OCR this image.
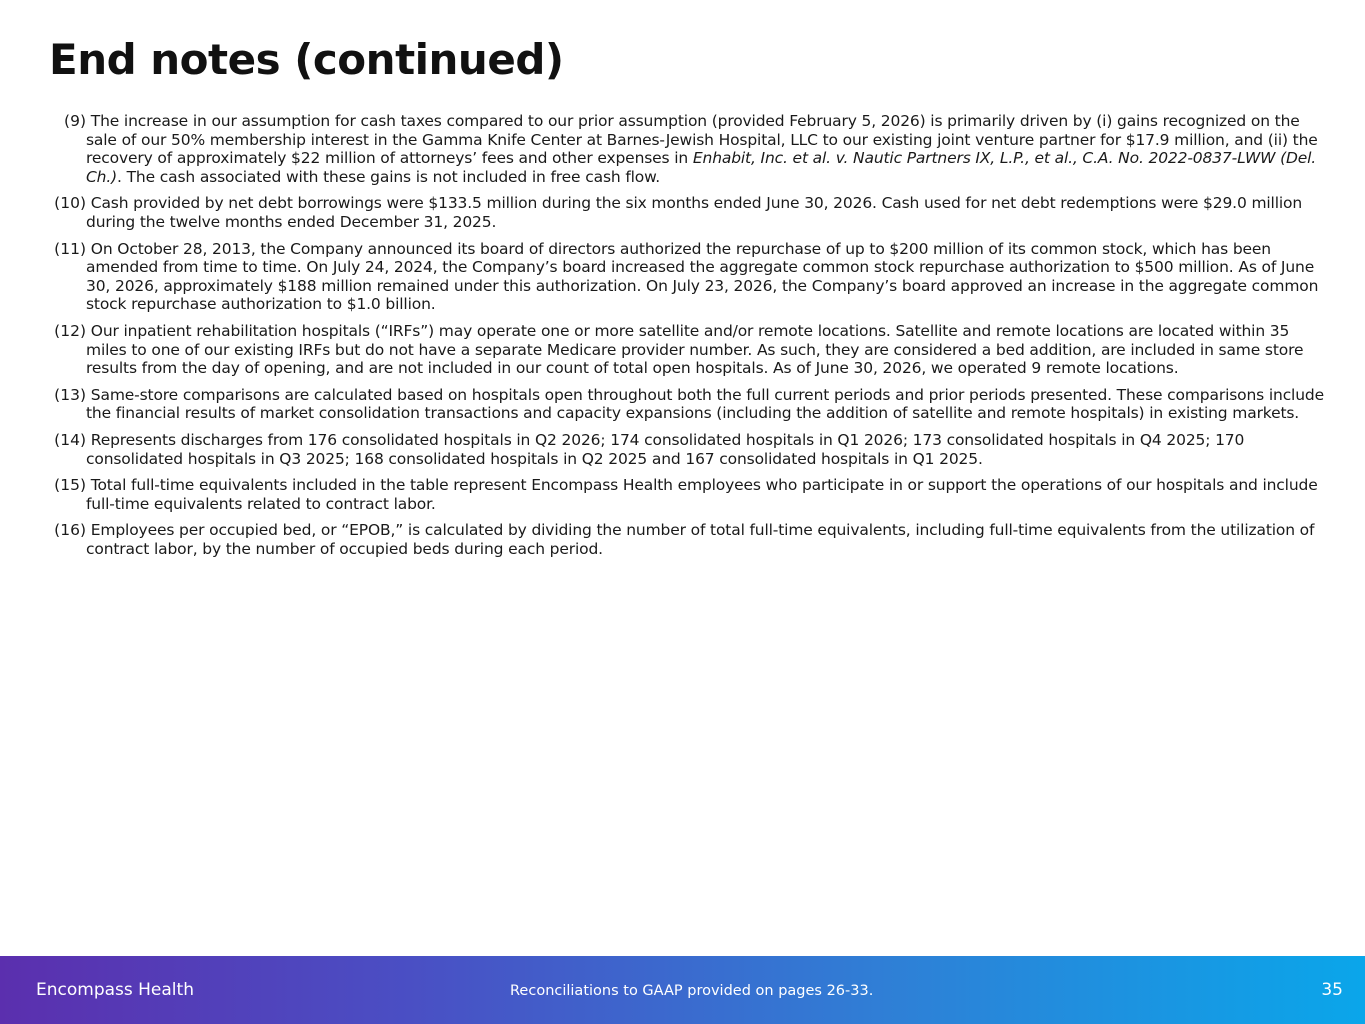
End notes (continued)
(9) The increase in our assumption for cash taxes compared to our prior assumption (provided February 5, 2026) is primarily driven by (i) gains recognized on the sale of our 50% membership interest in the Gamma Knife Center at Barnes-Jewish Hospital, LLC to our existing joint venture partner for $17.9 million, and (ii) the recovery of approximately $22 million of attorneys’ fees and other expenses in Enhabit, Inc. et al. v. Nautic Partners IX, L.P., et al., C.A. No. 2022-0837-LWW (Del. Ch.). The cash associated with these gains is not included in free cash flow.
(10) Cash provided by net debt borrowings were $133.5 million during the six months ended June 30, 2026. Cash used for net debt redemptions were $29.0 million during the twelve months ended December 31, 2025.
(11) On October 28, 2013, the Company announced its board of directors authorized the repurchase of up to $200 million of its common stock, which has been amended from time to time. On July 24, 2024, the Company’s board increased the aggregate common stock repurchase authorization to $500 million. As of June 30, 2026, approximately $188 million remained under this authorization. On July 23, 2026, the Company’s board approved an increase in the aggregate common stock repurchase authorization to $1.0 billion.
(12) Our inpatient rehabilitation hospitals (“IRFs”) may operate one or more satellite and/or remote locations. Satellite and remote locations are located within 35 miles to one of our existing IRFs but do not have a separate Medicare provider number. As such, they are considered a bed addition, are included in same store results from the day of opening, and are not included in our count of total open hospitals. As of June 30, 2026, we operated 9 remote locations.
(13) Same-store comparisons are calculated based on hospitals open throughout both the full current periods and prior periods presented. These comparisons include the financial results of market consolidation transactions and capacity expansions (including the addition of satellite and remote hospitals) in existing markets.
(14) Represents discharges from 176 consolidated hospitals in Q2 2026; 174 consolidated hospitals in Q1 2026; 173 consolidated hospitals in Q4 2025; 170 consolidated hospitals in Q3 2025; 168 consolidated hospitals in Q2 2025 and 167 consolidated hospitals in Q1 2025.
(15) Total full-time equivalents included in the table represent Encompass Health employees who participate in or support the operations of our hospitals and include full-time equivalents related to contract labor.
(16) Employees per occupied bed, or “EPOB,” is calculated by dividing the number of total full-time equivalents, including full-time equivalents from the utilization of contract labor, by the number of occupied beds during each period.
Encompass Health	Reconciliations to GAAP provided on pages 26-33.	35
